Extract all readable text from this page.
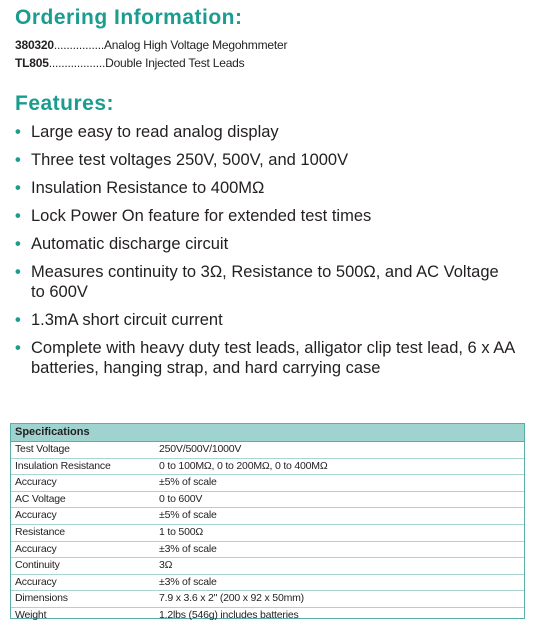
Ordering Information:
380320................Analog High Voltage Megohmmeter
TL805..................Double Injected Test Leads
Features:
• Large easy to read analog display
• Three test voltages 250V, 500V, and 1000V
• Insulation Resistance to 400MΩ
• Lock Power On feature for extended test times
• Automatic discharge circuit
• Measures continuity to 3Ω, Resistance to 500Ω, and AC Voltage to 600V
• 1.3mA short circuit current
• Complete with heavy duty test leads, alligator clip test lead, 6 x AA batteries, hanging strap, and hard carrying case
Specifications
Test Voltage	250V/500V/1000V
Insulation Resistance	0 to 100MΩ, 0 to 200MΩ, 0 to 400MΩ
Accuracy	±5% of scale
AC Voltage	0 to 600V
Accuracy	±5% of scale
Resistance	1 to 500Ω
Accuracy	±3% of scale
Continuity	3Ω
Accuracy	±3% of scale
Dimensions	7.9 x 3.6 x 2" (200 x 92 x 50mm)
Weight	1.2lbs (546g) includes batteries
